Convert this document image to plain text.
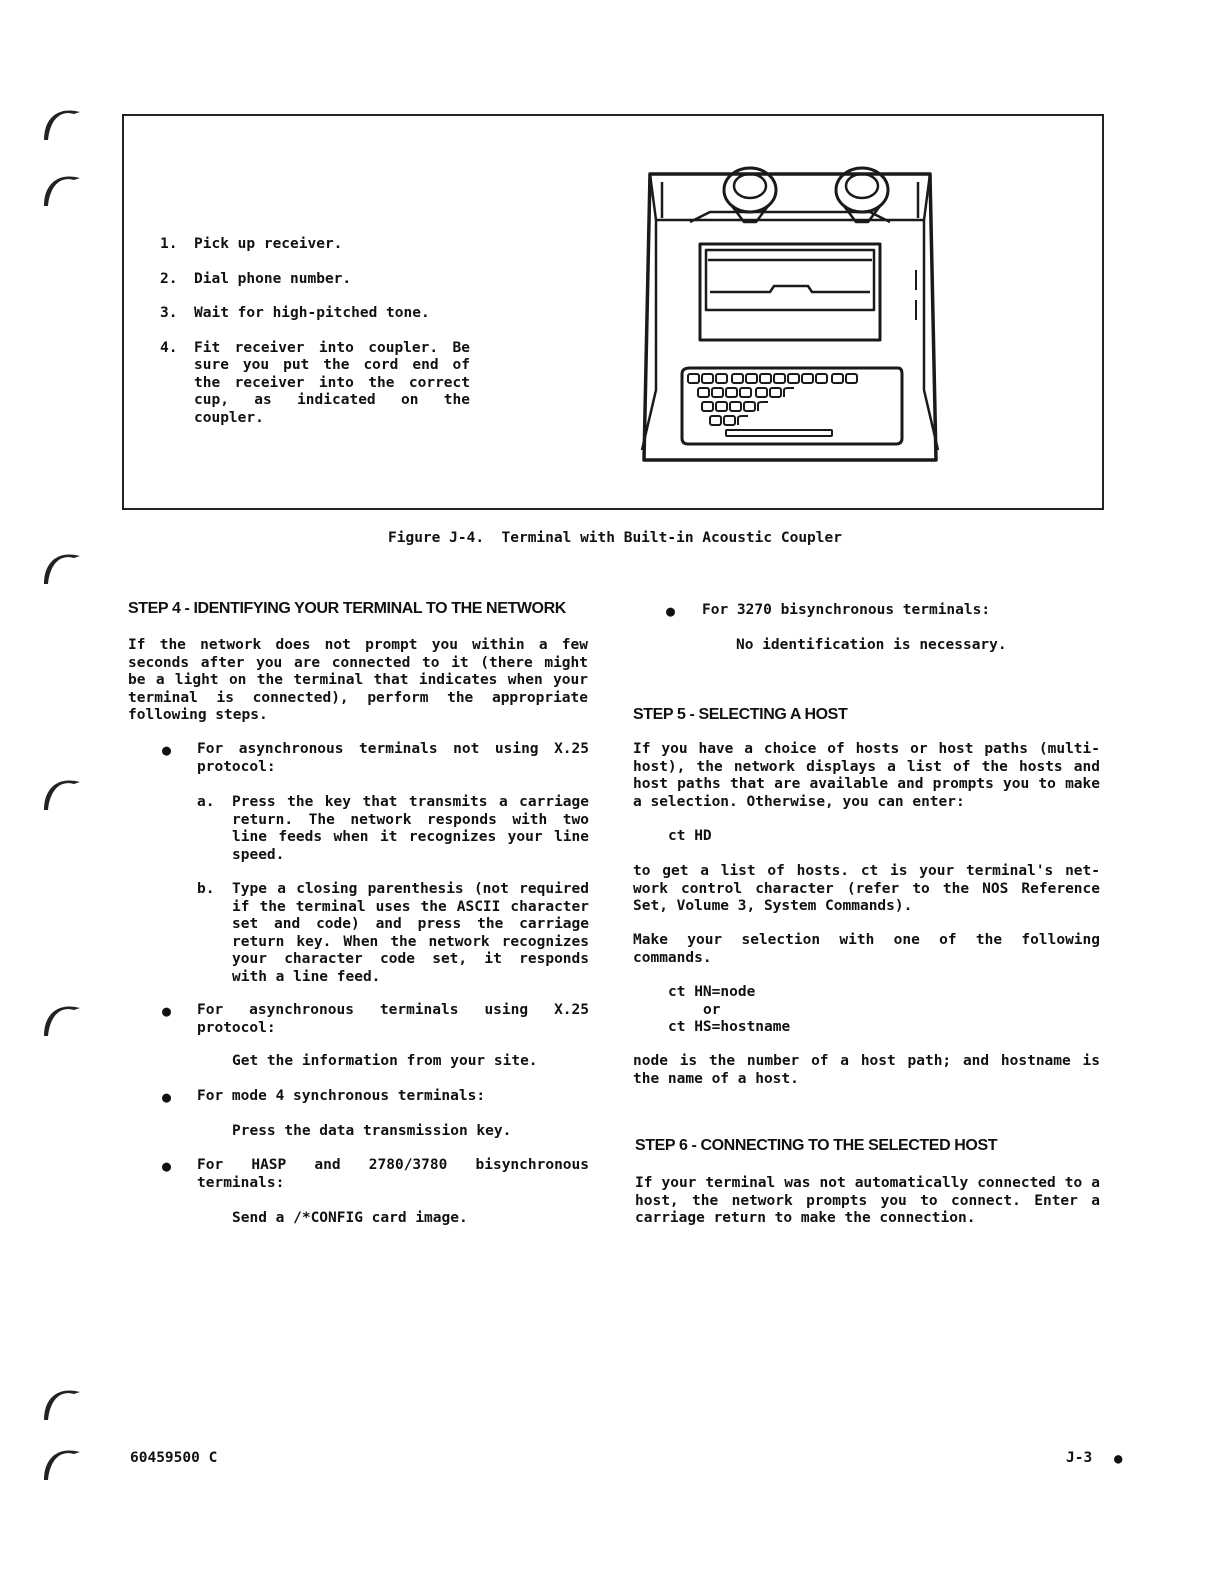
1.	Pick up receiver.
2.	Dial phone number.
3.	Wait for high-pitched tone.
4.	Fit receiver into coupler. Be sure you put the cord end of the receiver into the correct cup, as indicated on the coupler.
Figure J-4.  Terminal with Built-in Acoustic Coupler
STEP 4 - IDENTIFYING YOUR TERMINAL TO THE NETWORK
If the network does not prompt you within a few seconds after you are connected to it (there might be a light on the terminal that indicates when your terminal is connected), perform the appropriate following steps.
● For asynchronous terminals not using X.25 protocol:
a. Press the key that transmits a carriage return. The network responds with two line feeds when it recognizes your line speed.
b. Type a closing parenthesis (not required if the terminal uses the ASCII character set and code) and press the carriage return key. When the network recognizes your character code set, it responds with a line feed.
● For asynchronous terminals using X.25 protocol:
Get the information from your site.
● For mode 4 synchronous terminals:
Press the data transmission key.
● For HASP and 2780/3780 bisynchronous terminals:
Send a /*CONFIG card image.
● For 3270 bisynchronous terminals:
No identification is necessary.
STEP 5 - SELECTING A HOST
If you have a choice of hosts or host paths (multi-host), the network displays a list of the hosts and host paths that are available and prompts you to make a selection. Otherwise, you can enter:
ct HD
to get a list of hosts. ct is your terminal's net-work control character (refer to the NOS Reference Set, Volume 3, System Commands).
Make your selection with one of the following commands.
ct HN=node
or
ct HS=hostname
node is the number of a host path; and hostname is the name of a host.
STEP 6 - CONNECTING TO THE SELECTED HOST
If your terminal was not automatically connected to a host, the network prompts you to connect. Enter a carriage return to make the connection.
60459500 C	J-3 ●
